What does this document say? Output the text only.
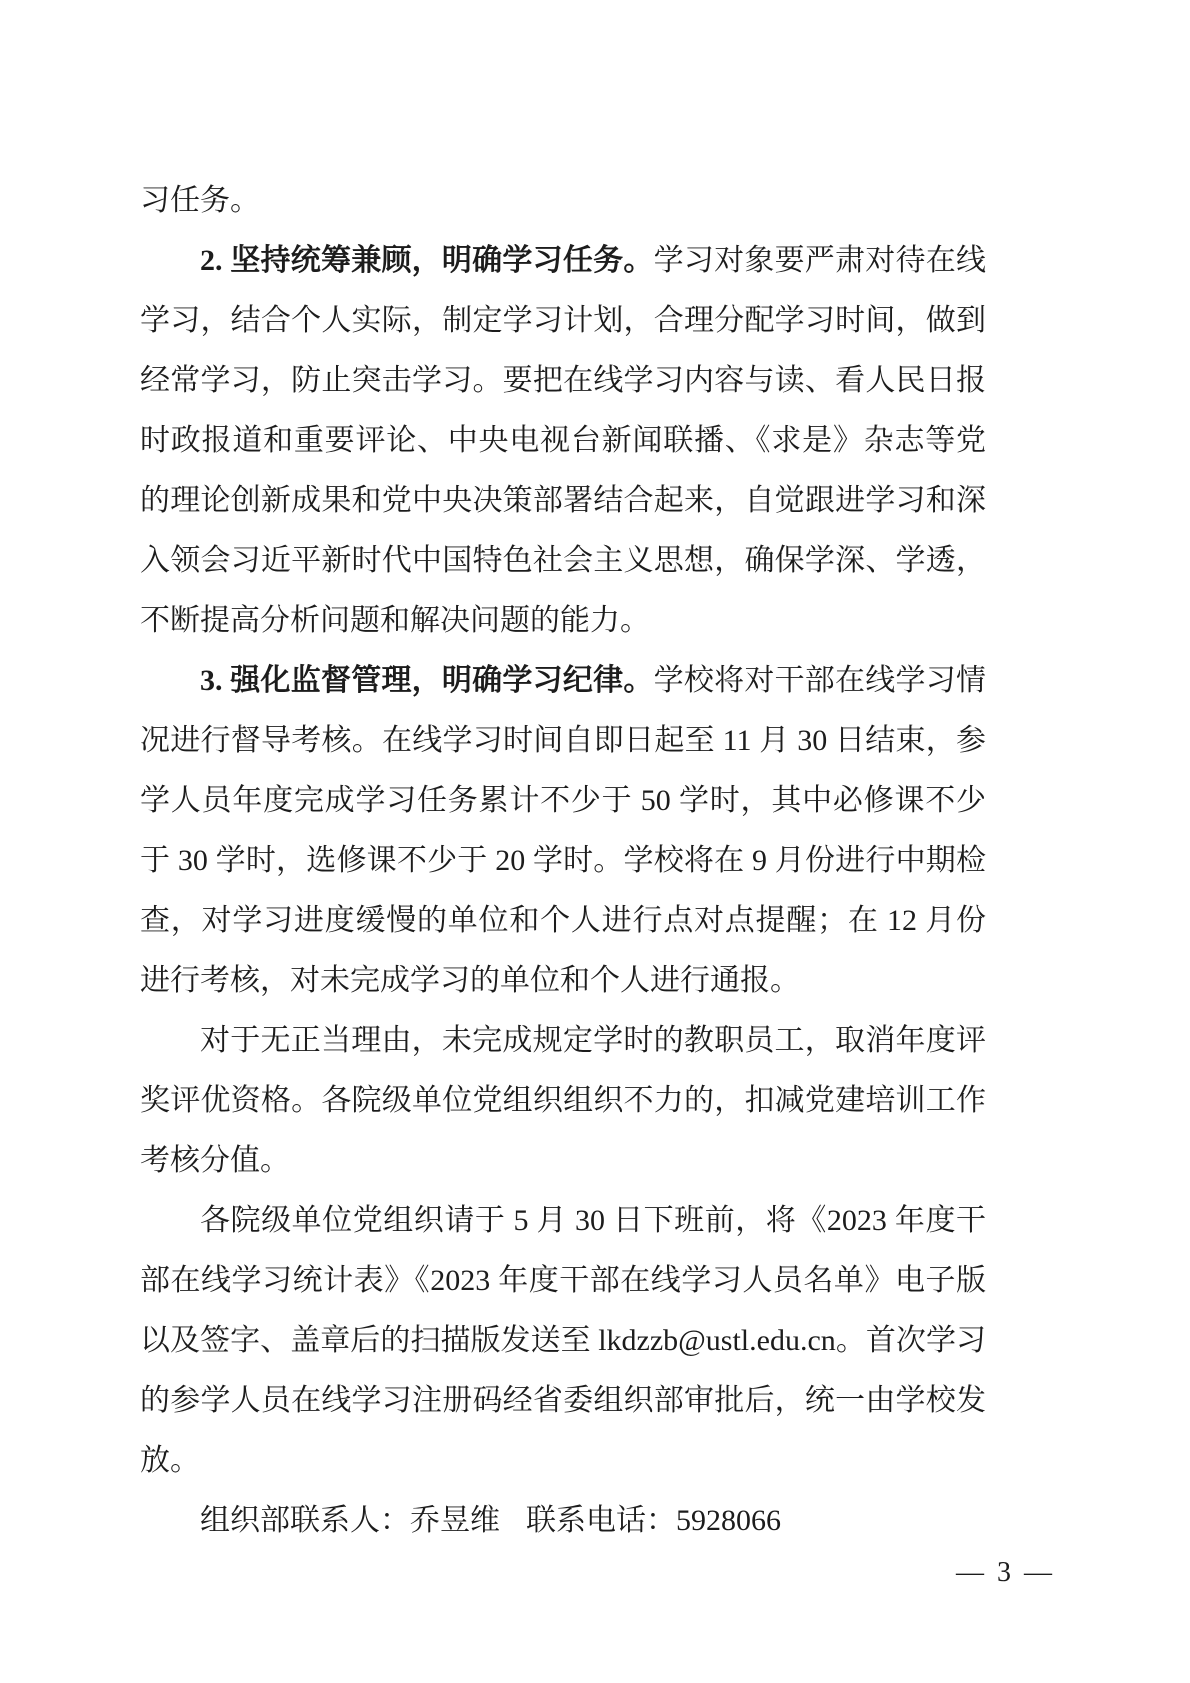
习任务。

2. 坚持统筹兼顾，明确学习任务。学习对象要严肃对待在线学习，结合个人实际，制定学习计划，合理分配学习时间，做到经常学习，防止突击学习。要把在线学习内容与读、看人民日报时政报道和重要评论、中央电视台新闻联播、《求是》杂志等党的理论创新成果和党中央决策部署结合起来，自觉跟进学习和深入领会习近平新时代中国特色社会主义思想，确保学深、学透，不断提高分析问题和解决问题的能力。

3. 强化监督管理，明确学习纪律。学校将对干部在线学习情况进行督导考核。在线学习时间自即日起至 11 月 30 日结束，参学人员年度完成学习任务累计不少于 50 学时，其中必修课不少于 30 学时，选修课不少于 20 学时。学校将在 9 月份进行中期检查，对学习进度缓慢的单位和个人进行点对点提醒；在 12 月份进行考核，对未完成学习的单位和个人进行通报。

对于无正当理由，未完成规定学时的教职员工，取消年度评奖评优资格。各院级单位党组织组织不力的，扣减党建培训工作考核分值。

各院级单位党组织请于 5 月 30 日下班前，将《2023 年度干部在线学习统计表》《2023 年度干部在线学习人员名单》电子版以及签字、盖章后的扫描版发送至 lkdzzb@ustl.edu.cn。首次学习的参学人员在线学习注册码经省委组织部审批后，统一由学校发放。

组织部联系人：乔昱维 联系电话：5928066

— 3 —
